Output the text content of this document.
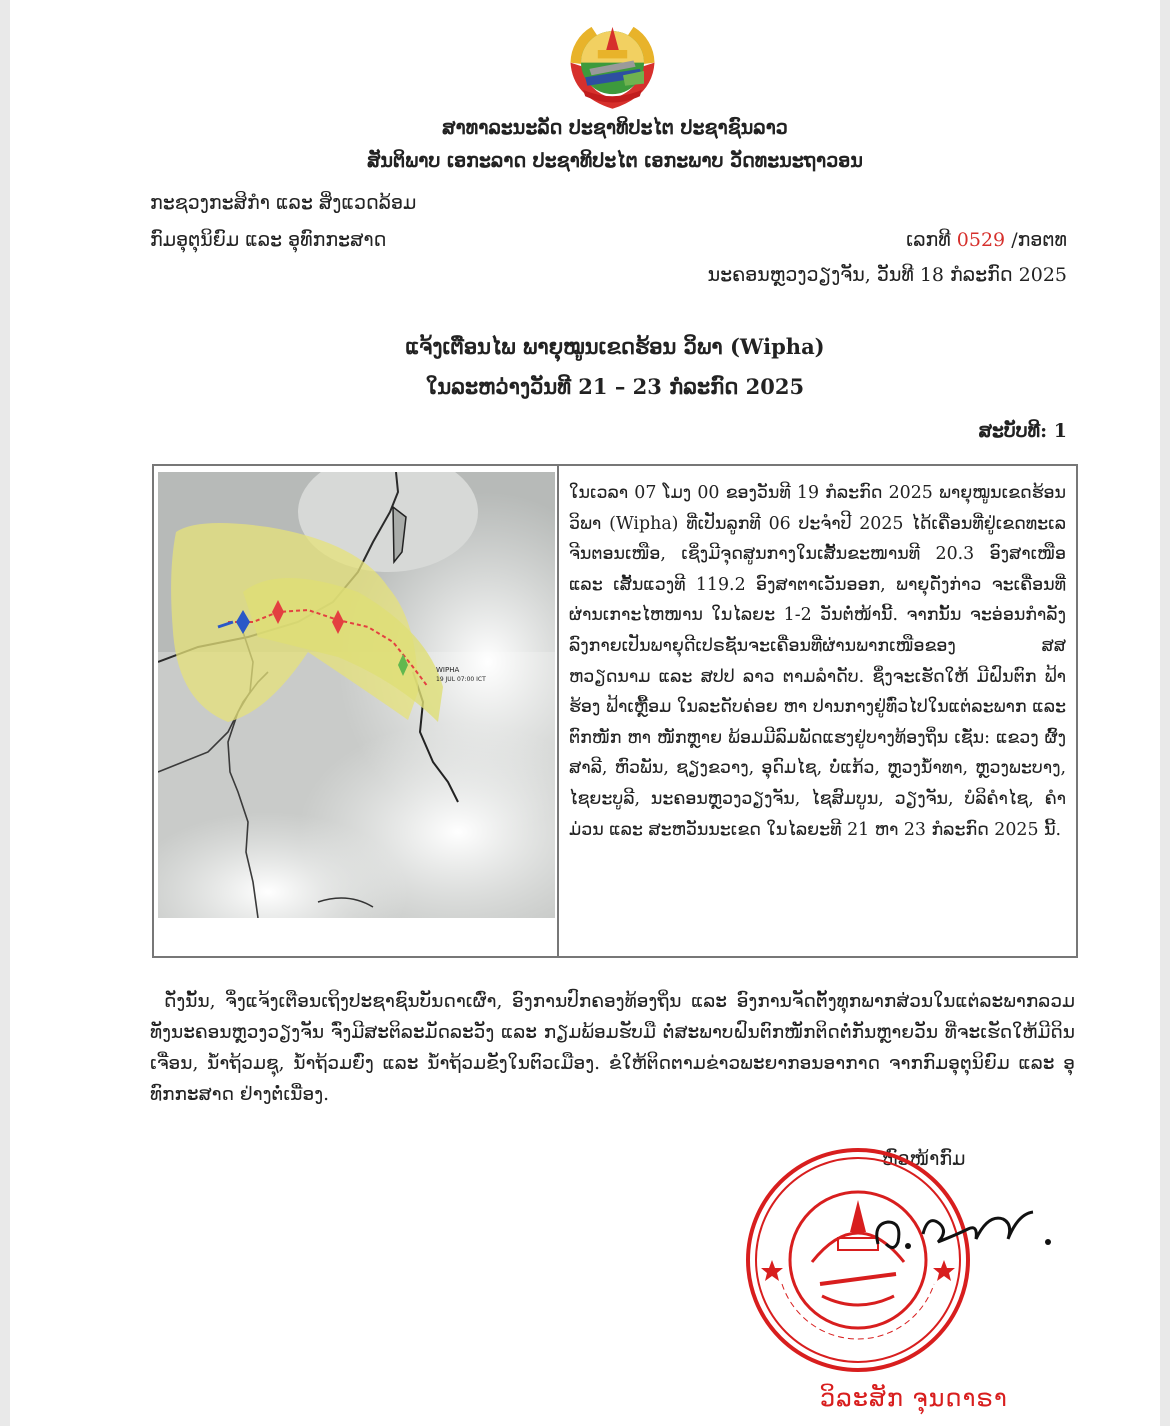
ສາທາລະນະລັດ ປະຊາທິປະໄຕ ປະຊາຊົນລາວ
ສັນຕິພາບ ເອກະລາດ ປະຊາທິປະໄຕ ເອກະພາບ ວັດທະນະຖາວອນ
ກະຊວງກະສິກຳ ແລະ ສິ່ງແວດລ້ອມ
ກົມອຸຕຸນິຍົມ ແລະ ອຸທົກກະສາດ	ເລກທີ 0529 /ກອຕທ
ນະຄອນຫຼວງວຽງຈັນ, ວັນທີ 18 ກໍລະກົດ 2025
ແຈ້ງເຕືອນໄພ ພາຍຸໝູນເຂດຮ້ອນ ວິພາ (Wipha)
ໃນລະຫວ່າງວັນທີ 21 – 23 ກໍລະກົດ 2025
ສະບັບທີ: 1
WIPHA
19 JUL 07:00 ICT
ໃນເວລາ 07 ໂມງ 00 ຂອງວັນທີ 19 ກໍລະກົດ 2025 ພາຍຸໝູນເຂດຮ້ອນ ວິພາ (Wipha) ທີ່ເປັນລູກທີ 06 ປະຈຳປີ 2025 ໄດ້ເຄື່ອນທີ່ຢູ່ເຂດທະເລຈີນຕອນເໜືອ, ເຊິ່ງມີຈຸດສູນກາງໃນເສັ້ນຂະໜານທີ 20.3 ອົງສາເໜືອ ແລະ ເສັ້ນແວງທີ 119.2 ອົງສາຕາເວັນອອກ, ພາຍຸດັ່ງກ່າວ ຈະເຄື່ອນທີ່ຜ່ານເກາະໄຫໜານ ໃນໄລຍະ 1-2 ວັນຕໍ່ໜ້ານີ້. ຈາກນັ້ນ ຈະອ່ອນກຳລັງລົງກາຍເປັນພາຍຸດີເປຣຊັນຈະເຄື່ອນທີ່ຜ່ານພາກເໜືອຂອງ ສສ ຫວຽດນາມ ແລະ ສປປ ລາວ ຕາມລຳດັບ. ຊຶ່ງຈະເຮັດໃຫ້ ມີຝົນຕົກ ຟ້າຮ້ອງ ຟ້າເຫຼື້ອມ ໃນລະດັບຄ່ອຍ ຫາ ປານກາງຢູ່ທົ່ວໄປໃນແຕ່ລະພາກ ແລະ ຕົກໜັກ ຫາ ໜັກຫຼາຍ ພ້ອມມີລົມພັດແຮງຢູ່ບາງທ້ອງຖິ່ນ ເຊັ່ນ: ແຂວງ ຜົ້ງສາລີ, ຫົວພັນ, ຊຽງຂວາງ, ອຸດົມໄຊ, ບໍ່ແກ້ວ, ຫຼວງນ້ຳທາ, ຫຼວງພະບາງ, ໄຊຍະບູລີ, ນະຄອນຫຼວງວຽງຈັນ, ໄຊສົມບູນ, ວຽງຈັນ, ບໍລິຄຳໄຊ, ຄຳມ່ວນ ແລະ ສະຫວັນນະເຂດ ໃນໄລຍະທີ 21 ຫາ 23 ກໍລະກົດ 2025 ນີ້.
ດັ່ງນັ້ນ, ຈຶ່ງແຈ້ງເຕືອນເຖິງປະຊາຊົນບັນດາເຜົ່າ, ອົງການປົກຄອງທ້ອງຖິ່ນ ແລະ ອົງການຈັດຕັ້ງທຸກພາກສ່ວນໃນແຕ່ລະພາກລວມທັງນະຄອນຫຼວງວຽງຈັນ ຈົ່ງມີສະຕິລະມັດລະວັງ ແລະ ກຽມພ້ອມຮັບມື ຕໍ່ສະພາບຝົນຕົກໜັກຕິດຕໍ່ກັນຫຼາຍວັນ ທີ່ຈະເຮັດໃຫ້ມີດິນເຈື່ອນ, ນ້ຳຖ້ວມຊຸ, ນ້ຳຖ້ວມຍົ່ງ ແລະ ນ້ຳຖ້ວມຂັງໃນຕົວເມືອງ. ຂໍໃຫ້ຕິດຕາມຂ່າວພະຍາກອນອາກາດ ຈາກກົມອຸຕຸນິຍົມ ແລະ ອຸທົກກະສາດ ຢ່າງຕໍ່ເນື່ອງ.
ຫົວໜ້າກົມ
ວິລະສັກ ຈຸນດາຣາ
